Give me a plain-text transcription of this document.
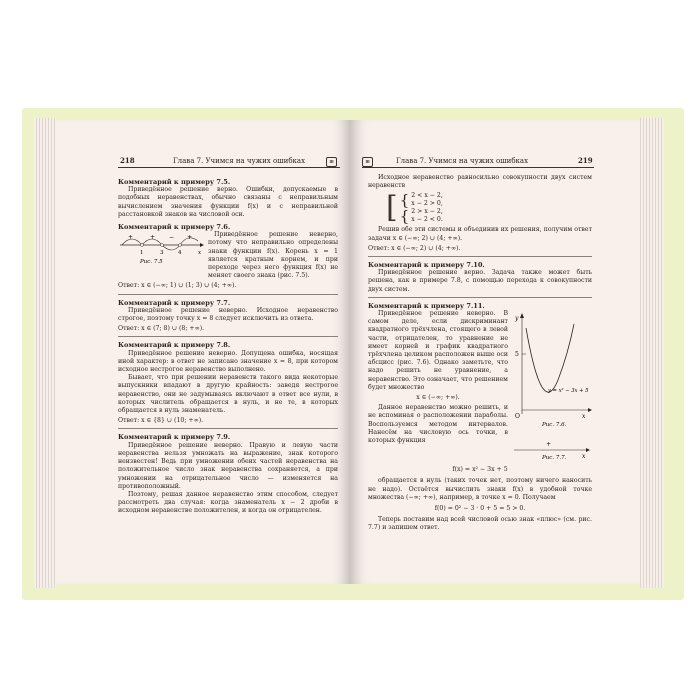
218	Глава 7. Учимся на чужих ошибках	⊞
Комментарий к примеру 7.5.

Приведённое решение верно. Ошибки, допускаемые в подобных неравенствах, обычно связаны с неправильным вычислением значения функции f(x) и с неправильной расстановкой знаков на числовой оси.

Комментарий к примеру 7.6.
+	+ − +
1	3	4	x
Рис. 7.5

Приведённое решение неверно, потому что неправильно определены знаки функции f(x). Корень x = 1 является кратным корнем, и при переходе через него функция f(x) не меняет своего знака (рис. 7.5).

Ответ: x ∈ (−∞; 1) ∪ (1; 3) ∪ (4; +∞).
Комментарий к примеру 7.7.

Приведённое решение неверно. Исходное неравенство строгое, поэтому точку x = 8 следует исключить из ответа.

Ответ: x ∈ (7; 8) ∪ (8; +∞).
Комментарий к примеру 7.8.

Приведённое решение неверно. Допущена ошибка, носящая иной характер: в ответ не записано значение x = 8, при котором исходное нестрогое неравенство выполнено.

Бывает, что при решении неравенств такого вида некоторые выпускники впадают в другую крайность: заведя нестрогое неравенство, они не задумываясь включают в ответ все нули, в которых числитель обращается в нуль, и не те, в которых обращается в нуль знаменатель.

Ответ: x ∈ {8} ∪ (10; +∞).
Комментарий к примеру 7.9.

Приведённое решение неверно. Правую и левую части неравенства нельзя умножать на выражение, знак которого неизвестен! Ведь при умножении обеих частей неравенства на положительное число знак неравенства сохраняется, а при умножении на отрицательное число — изменяется на противоположный.

Поэтому, решая данное неравенство этим способом, следует рассмотреть два случая: когда знаменатель x − 2 дроби в исходном неравенстве положителен, и когда он отрицателен.

⊞	Глава 7. Учимся на чужих ошибках	219

Исходное неравенство равносильно совокупности двух систем неравенств

[ { 2 < x − 2,
x − 2 > 0,
{ 2 > x − 2,
x − 2 < 0.

Решив обе эти системы и объединив их решения, получим ответ задачи x ∈ (−∞; 2) ∪ (4; +∞).

Ответ: x ∈ (−∞; 2) ∪ (4; +∞).
Комментарий к примеру 7.10.

Приведённое решение верно. Задача также может быть решена, как в примере 7.8, с помощью перехода к совокупности двух систем.

Комментарий к примеру 7.11.

Приведённое решение неверно. В самом деле, если дискриминант квадратного трёхчлена, стоящего в левой части, отрицателен, то уравнение не имеет корней и график квадратного трёхчлена целиком расположен выше оси абсцисс (рис. 7.6). Однако заметьте, что надо решить не уравнение, а неравенство. Это означает, что решением будет множество

x ∈ (−∞; +∞).

Данное неравенство можно решить, и не вспоминая о расположении параболы. Воспользуемся методом интервалов. Нанесём на числовую ось точки, в которых функция

y
5
O	x
y = x² − 3x + 5
Рис. 7.6.
+
x
Рис. 7.7.
f(x) = x² − 3x + 5

обращается в нуль (таких точек нет, поэтому ничего наносить не надо). Остаётся вычислить знаки f(x) в удобной точке множества (−∞; +∞), например, в точке x = 0. Получаем

f(0) = 0² − 3 · 0 + 5 = 5 > 0.

Теперь поставим над всей числовой осью знак «плюс» (см. рис. 7.7) и запишем ответ.
